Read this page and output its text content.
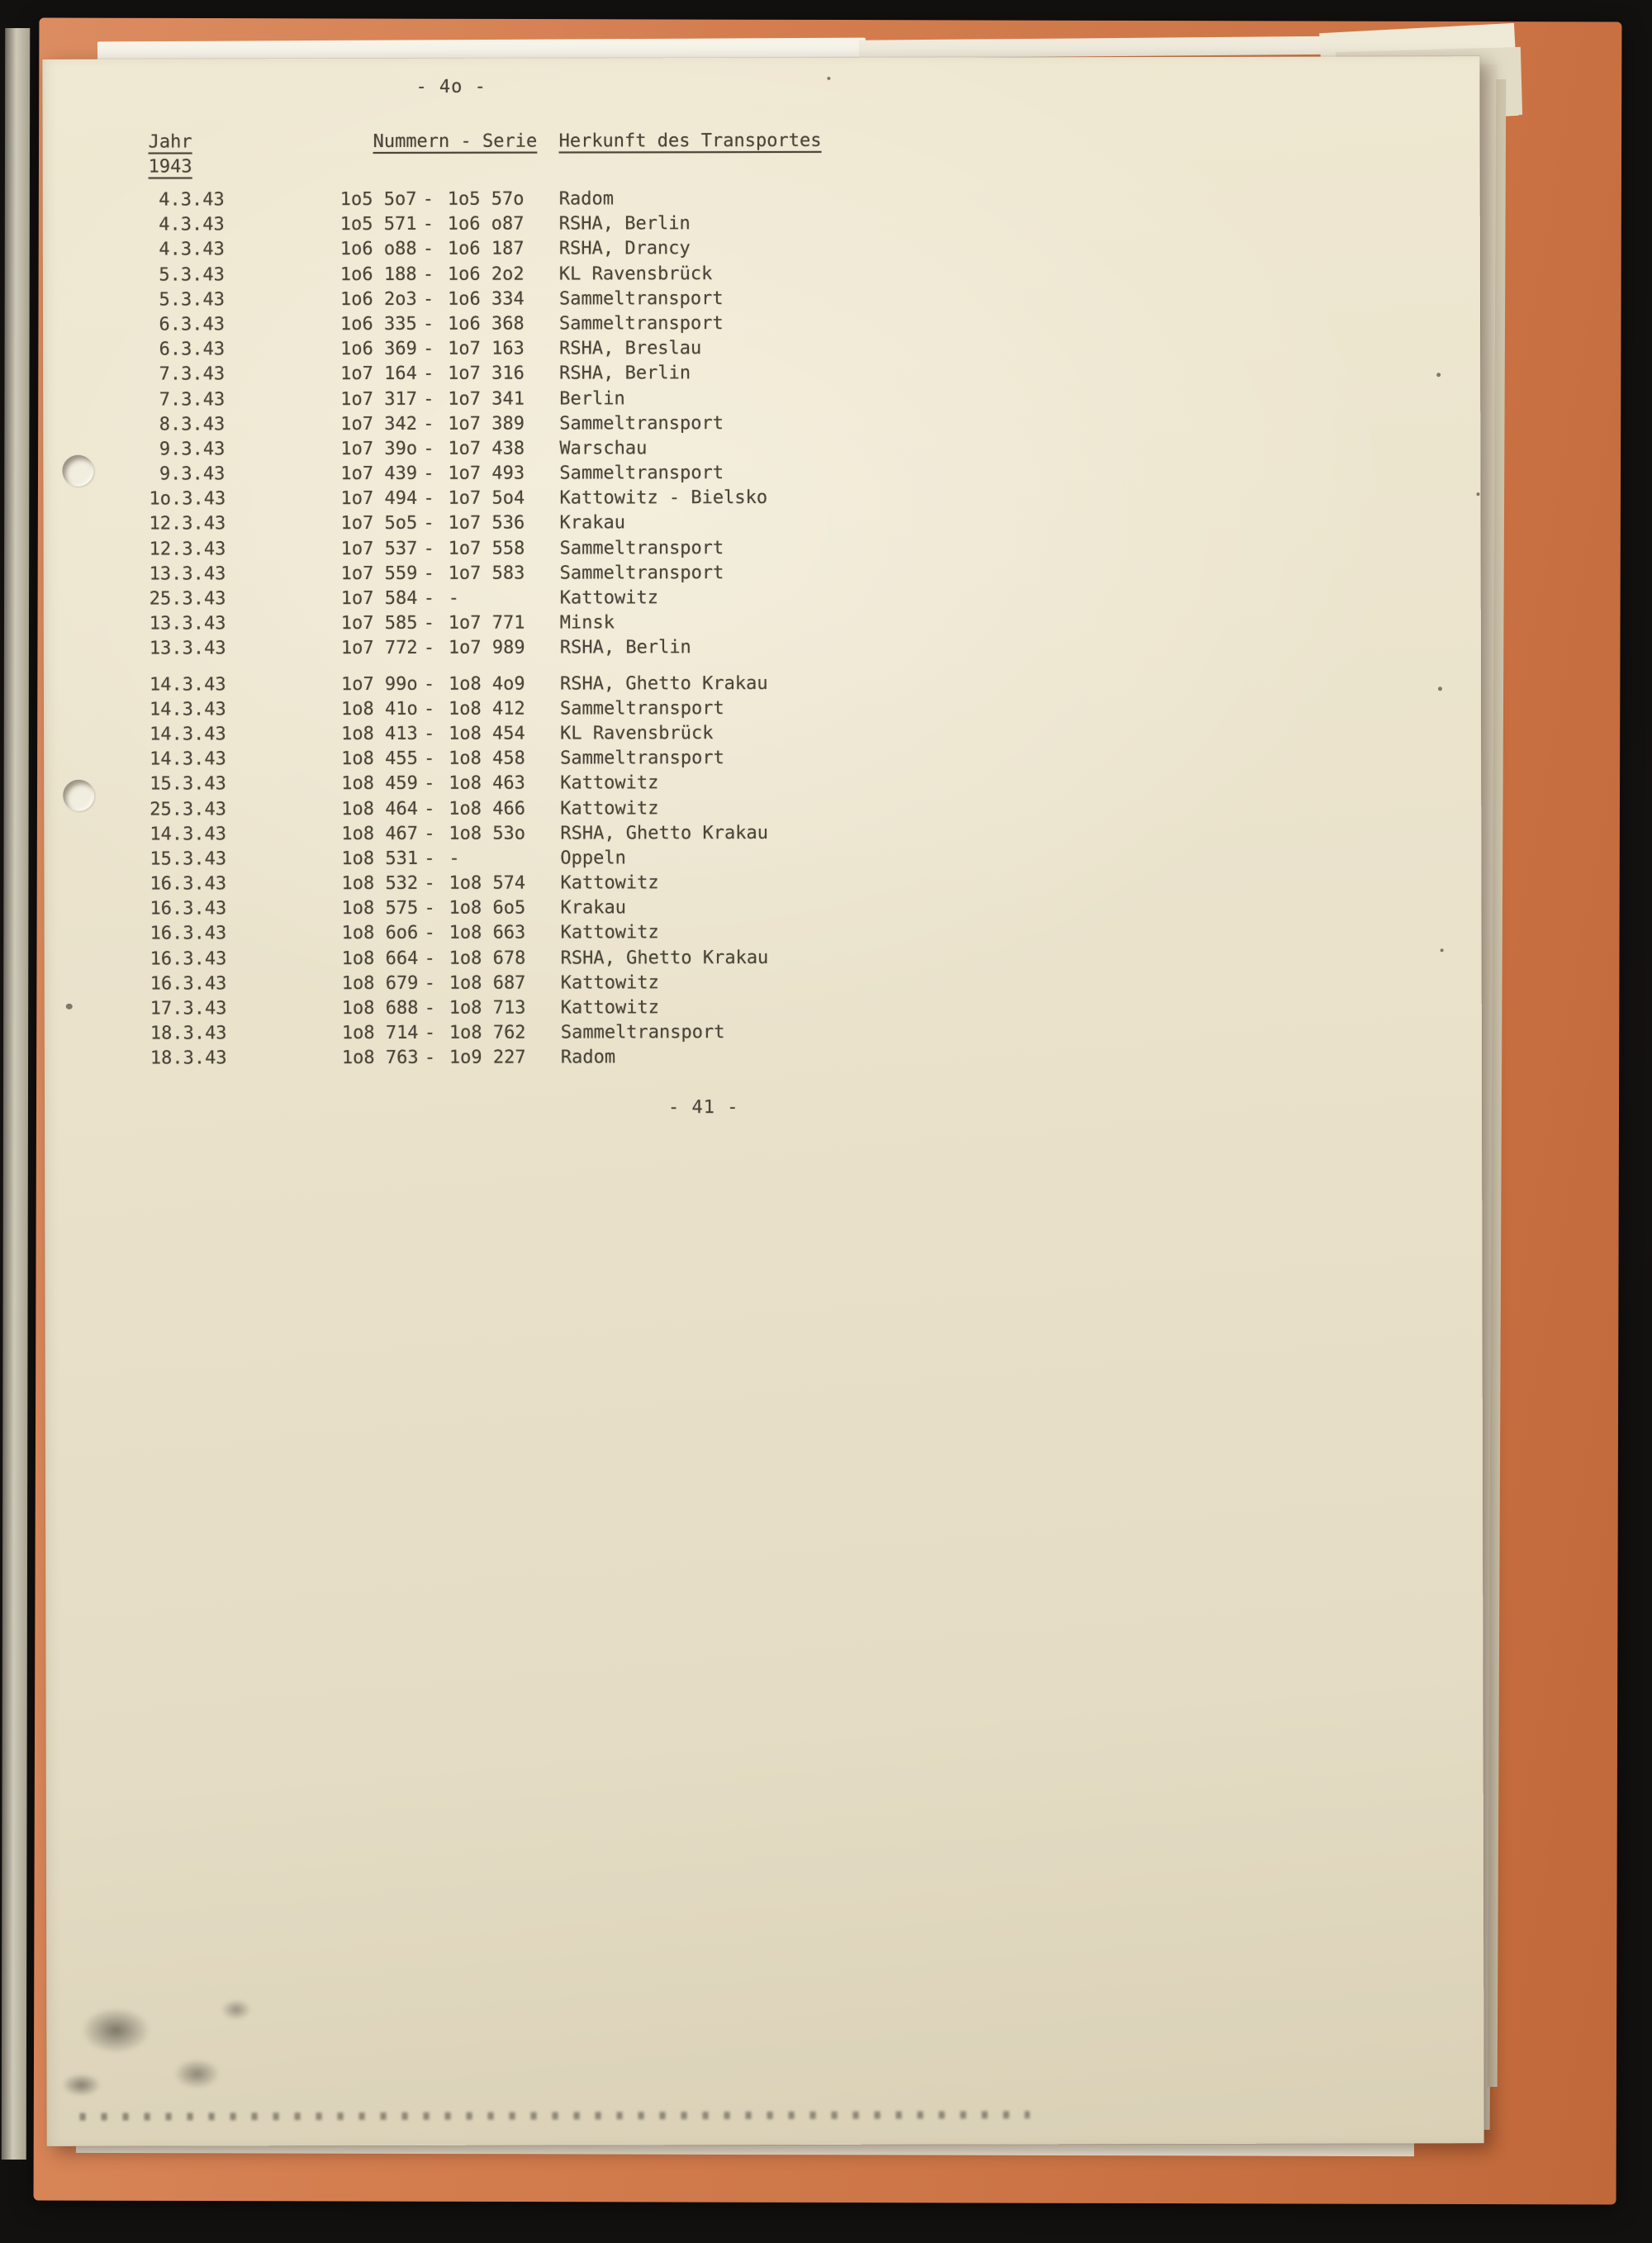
- 4o -
Jahr
1943
Nummern - Serie Herkunft des Transportes
4.3.43	1o5 5o7 - 1o5 57o	Radom
4.3.43	1o5 571 - 1o6 o87	RSHA, Berlin
4.3.43	1o6 o88 - 1o6 187	RSHA, Drancy
5.3.43	1o6 188 - 1o6 2o2	KL Ravensbrück
5.3.43	1o6 2o3 - 1o6 334	Sammeltransport
6.3.43	1o6 335 - 1o6 368	Sammeltransport
6.3.43	1o6 369 - 1o7 163	RSHA, Breslau
7.3.43	1o7 164 - 1o7 316	RSHA, Berlin
7.3.43	1o7 317 - 1o7 341	Berlin
8.3.43	1o7 342 - 1o7 389	Sammeltransport
9.3.43	1o7 39o - 1o7 438	Warschau
9.3.43	1o7 439 - 1o7 493	Sammeltransport
1o.3.43	1o7 494 - 1o7 5o4	Kattowitz - Bielsko
12.3.43	1o7 5o5 - 1o7 536	Krakau
12.3.43	1o7 537 - 1o7 558	Sammeltransport
13.3.43	1o7 559 - 1o7 583	Sammeltransport
25.3.43	1o7 584 - -	Kattowitz
13.3.43	1o7 585 - 1o7 771	Minsk
13.3.43	1o7 772 - 1o7 989	RSHA, Berlin
14.3.43	1o7 99o - 1o8 4o9	RSHA, Ghetto Krakau
14.3.43	1o8 41o - 1o8 412	Sammeltransport
14.3.43	1o8 413 - 1o8 454	KL Ravensbrück
14.3.43	1o8 455 - 1o8 458	Sammeltransport
15.3.43	1o8 459 - 1o8 463	Kattowitz
25.3.43	1o8 464 - 1o8 466	Kattowitz
14.3.43	1o8 467 - 1o8 53o	RSHA, Ghetto Krakau
15.3.43	1o8 531 - -	Oppeln
16.3.43	1o8 532 - 1o8 574	Kattowitz
16.3.43	1o8 575 - 1o8 6o5	Krakau
16.3.43	1o8 6o6 - 1o8 663	Kattowitz
16.3.43	1o8 664 - 1o8 678	RSHA, Ghetto Krakau
16.3.43	1o8 679 - 1o8 687	Kattowitz
17.3.43	1o8 688 - 1o8 713	Kattowitz
18.3.43	1o8 714 - 1o8 762	Sammeltransport
18.3.43	1o8 763 - 1o9 227	Radom
- 41 -
